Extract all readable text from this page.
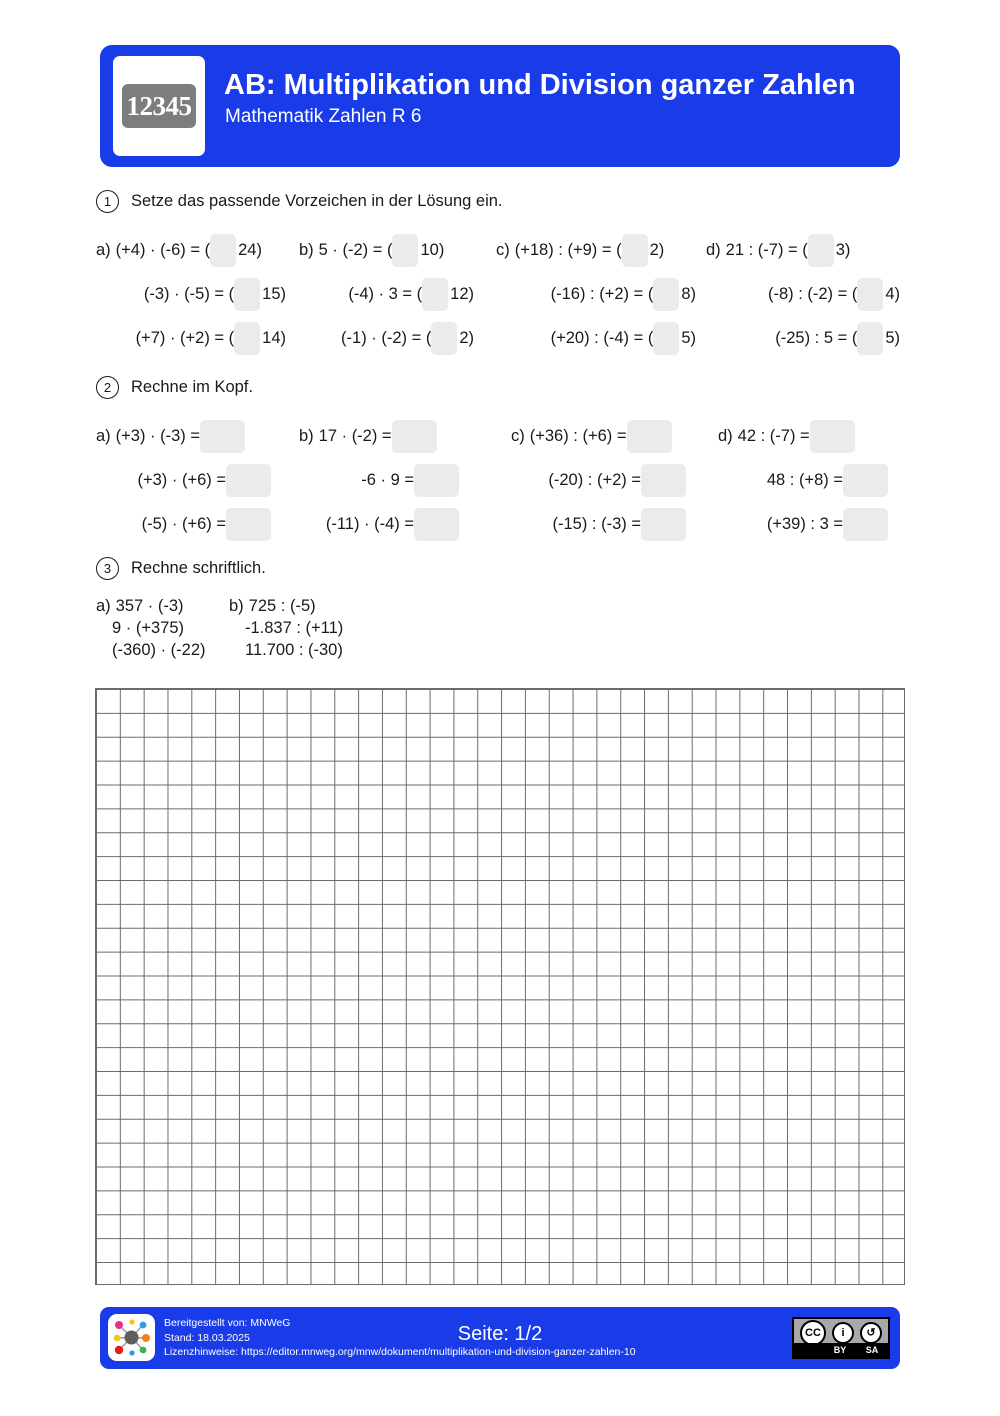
12345
AB: Multiplikation und Division ganzer Zahlen
Mathematik Zahlen R 6
1	Setze das passende Vorzeichen in der Lösung ein.
a) (+4) · (-6) = ( 24) b) 5 · (-2) = ( 10)	c) (+18) : (+9) = ( 2)	d) 21 : (-7) = ( 3)
(-3) · (-5) = ( 15)	(-4) · 3 = ( 12)	(-16) : (+2) = ( 8)	(-8) : (-2) = ( 4)
(+7) · (+2) = ( 14)	(-1) · (-2) = ( 2)	(+20) : (-4) = ( 5)	(-25) : 5 = ( 5)
2	Rechne im Kopf.
a) (+3) · (-3) =	b) 17 · (-2) =	c) (+36) : (+6) =	d) 42 : (-7) =
(+3) · (+6) =	-6 · 9 =	(-20) : (+2) =	48 : (+8) =
(-5) · (+6) =	(-11) · (-4) =	(-15) : (-3) =	(+39) : 3 =
3	Rechne schriftlich.
a) 357 · (-3)
9 · (+375)
(-360) · (-22)
b) 725 : (-5)
-1.837 : (+11)
11.700 : (-30)
Bereitgestellt von: MNWeG
Stand: 18.03.2025
Lizenzhinweise: https://editor.mnweg.org/mnw/dokument/multiplikation-und-division-ganzer-zahlen-10
Seite: 1/2	CC	i	↺
BY	SA
